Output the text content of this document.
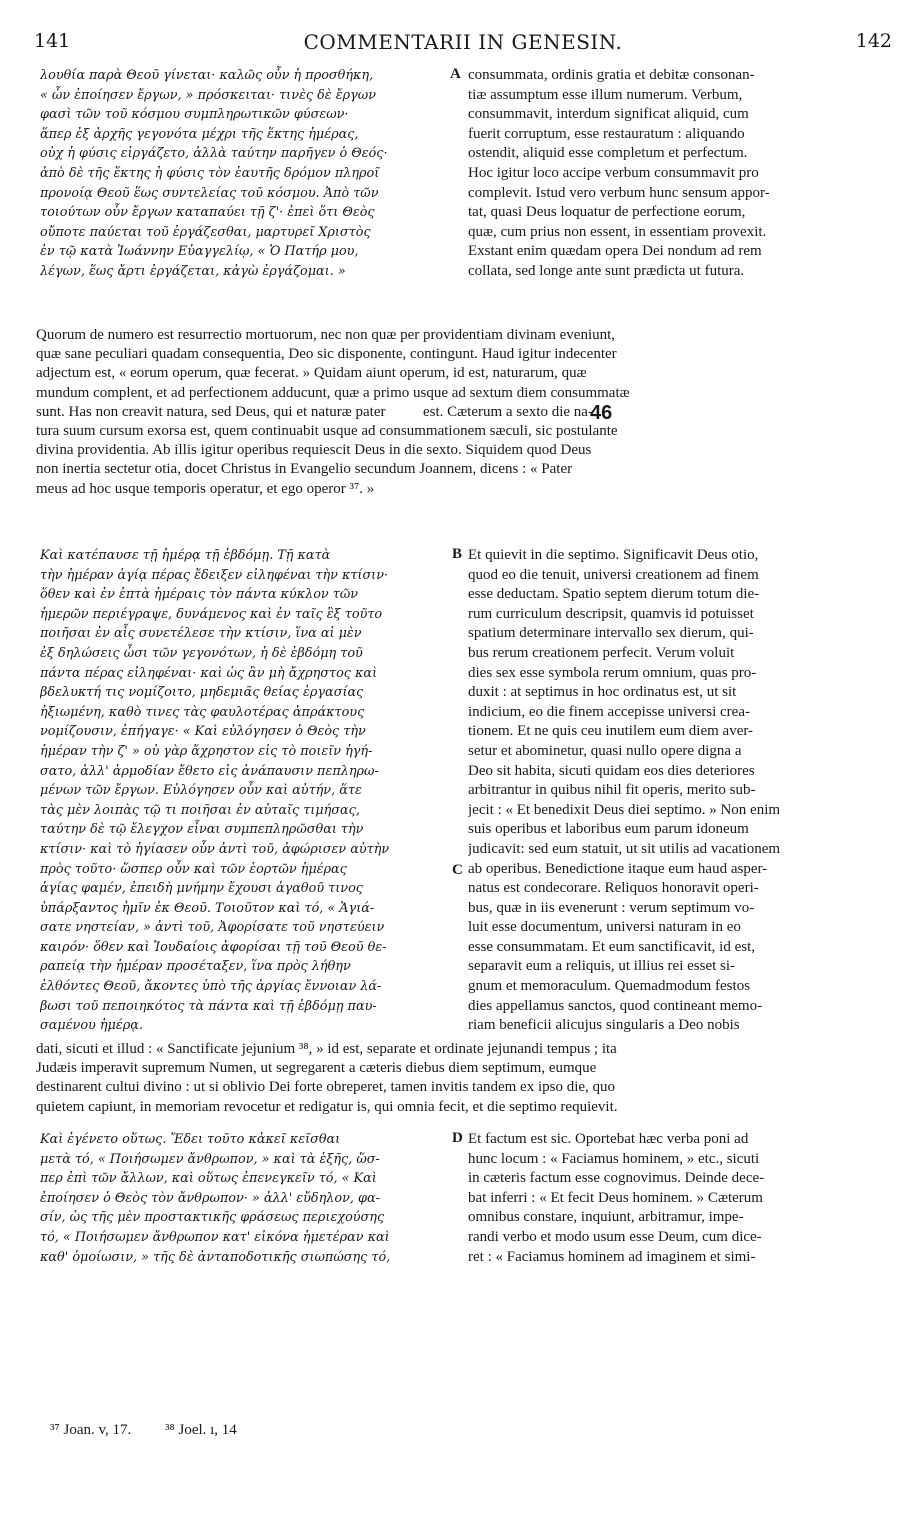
141	COMMENTARII IN GENESIN.	142
λουθία παρὰ Θεοῦ γίνεται· καλῶς οὖν ἡ προσθήκη,
« ὧν ἐποίησεν ἔργων, » πρόσκειται· τινὲς δὲ ἔργων
φασὶ τῶν τοῦ κόσμου συμπληρωτικῶν φύσεων·
ἅπερ ἐξ ἀρχῆς γεγονότα μέχρι τῆς ἕκτης ἡμέρας,
οὐχ ἡ φύσις εἰργάζετο, ἀλλὰ ταύτην παρῆγεν ὁ Θεός·
ἀπὸ δὲ τῆς ἕκτης ἡ φύσις τὸν ἑαυτῆς δρόμον πληροῖ
προνοίᾳ Θεοῦ ἕως συντελείας τοῦ κόσμου. Ἀπὸ τῶν
τοιούτων οὖν ἔργων καταπαύει τῇ ζ'· ἐπεὶ ὅτι Θεὸς
οὔποτε παύεται τοῦ ἐργάζεσθαι, μαρτυρεῖ Χριστὸς
ἐν τῷ κατὰ Ἰωάννην Εὐαγγελίῳ, « Ὁ Πατήρ μου,
λέγων, ἕως ἄρτι ἐργάζεται, κἀγὼ ἐργάζομαι. »
A consummata, ordinis gratia et debitæ consonan-
tiæ assumptum esse illum numerum. Verbum,
consummavit, interdum significat aliquid, cum
fuerit corruptum, esse restauratum : aliquando
ostendit, aliquid esse completum et perfectum.
Hoc igitur loco accipe verbum consummavit pro
complevit. Istud vero verbum hunc sensum appor-
tat, quasi Deus loquatur de perfectione eorum,
quæ, cum prius non essent, in essentiam provexit.
Exstant enim quædam opera Dei nondum ad rem
collata, sed longe ante sunt prædicta ut futura.
Quorum de numero est resurrectio mortuorum, nec non quæ per providentiam divinam eveniunt,
quæ sane peculiari quadam consequentia, Deo sic disponente, contingunt. Haud igitur indecenter
adjectum est, « eorum operum, quæ fecerat. » Quidam aiunt operum, id est, naturarum, quæ
mundum complent, et ad perfectionem adducunt, quæ a primo usque ad sextum diem consummatæ
sunt. Has non creavit natura, sed Deus, qui et naturæ pater          est. Cæterum a sexto die na-
tura suum cursum exorsa est, quem continuabit usque ad consummationem sæculi, sic postulante
divina providentia. Ab illis igitur operibus requiescit Deus in die sexto. Siquidem quod Deus
non inertia sectetur otia, docet Christus in Evangelio secundum Joannem, dicens : « Pater
meus ad hoc usque temporis operatur, et ego operor ³⁷. »
46
Καὶ κατέπαυσε τῇ ἡμέρᾳ τῇ ἑβδόμῃ. Τῇ κατὰ
τὴν ἡμέραν ἁγίᾳ πέρας ἔδειξεν εἰληφέναι τὴν κτίσιν·
ὅθεν καὶ ἐν ἑπτὰ ἡμέραις τὸν πάντα κύκλον τῶν
ἡμερῶν περιέγραψε, δυνάμενος καὶ ἐν ταῖς ἓξ τοῦτο
ποιῆσαι ἐν αἷς συνετέλεσε τὴν κτίσιν, ἵνα αἱ μὲν
ἐξ δηλώσεις ὦσι τῶν γεγονότων, ἡ δὲ ἑβδόμη τοῦ
πάντα πέρας εἰληφέναι· καὶ ὡς ἂν μὴ ἄχρηστος καὶ
βδελυκτή τις νομίζοιτο, μηδεμιᾶς θείας ἐργασίας
ἠξιωμένη, καθὸ τινες τὰς φαυλοτέρας ἀπράκτους
νομίζουσιν, ἐπήγαγε· « Καὶ εὐλόγησεν ὁ Θεὸς τὴν
ἡμέραν τὴν ζ' » οὐ γὰρ ἄχρηστον εἰς τὸ ποιεῖν ἡγή-
σατο, ἀλλ' ἁρμοδίαν ἔθετο εἰς ἀνάπαυσιν πεπληρω-
μένων τῶν ἔργων. Εὐλόγησεν οὖν καὶ αὐτήν, ἅτε
τὰς μὲν λοιπὰς τῷ τι ποιῆσαι ἐν αὐταῖς τιμήσας,
ταύτην δὲ τῷ ἔλεγχον εἶναι συμπεπληρῶσθαι τὴν
κτίσιν· καὶ τὸ ἡγίασεν οὖν ἀντὶ τοῦ, ἀφώρισεν αὐτὴν
πρὸς τοῦτο· ὥσπερ οὖν καὶ τῶν ἑορτῶν ἡμέρας
ἁγίας φαμέν, ἐπειδὴ μνήμην ἔχουσι ἀγαθοῦ τινος
ὑπάρξαντος ἡμῖν ἐκ Θεοῦ. Τοιοῦτον καὶ τό, « Ἁγιά-
σατε νηστείαν, » ἀντὶ τοῦ, Ἀφορίσατε τοῦ νηστεύειν
καιρόν· ὅθεν καὶ Ἰουδαίοις ἀφορίσαι τῇ τοῦ Θεοῦ θε-
ραπείᾳ τὴν ἡμέραν προσέταξεν, ἵνα πρὸς λήθην
ἐλθόντες Θεοῦ, ἄκοντες ὑπὸ τῆς ἀργίας ἔννοιαν λά-
βωσι τοῦ πεποιηκότος τὰ πάντα καὶ τῇ ἑβδόμῃ παυ-
σαμένου ἡμέρᾳ.
B
C
Et quievit in die septimo. Significavit Deus otio,
quod eo die tenuit, universi creationem ad finem
esse deductam. Spatio septem dierum totum die-
rum curriculum descripsit, quamvis id potuisset
spatium determinare intervallo sex dierum, qui-
bus rerum creationem perfecit. Verum voluit
dies sex esse symbola rerum omnium, quas pro-
duxit : at septimus in hoc ordinatus est, ut sit
indicium, eo die finem accepisse universi crea-
tionem. Et ne quis ceu inutilem eum diem aver-
setur et abominetur, quasi nullo opere digna a
Deo sit habita, sicuti quidam eos dies deteriores
arbitrantur in quibus nihil fit operis, merito sub-
jecit : « Et benedixit Deus diei septimo. » Non enim
suis operibus et laboribus eum parum idoneum
judicavit: sed eum statuit, ut sit utilis ad vacationem
ab operibus. Benedictione itaque eum haud asper-
natus est condecorare. Reliquos honoravit operi-
bus, quæ in iis evenerunt : verum septimum vo-
luit esse documentum, universi naturam in eo
esse consummatam. Et eum sanctificavit, id est,
separavit eum a reliquis, ut illius rei esset si-
gnum et memoraculum. Quemadmodum festos
dies appellamus sanctos, quod contineant memo-
riam beneficii alicujus singularis a Deo nobis
dati, sicuti et illud : « Sanctificate jejunium ³⁸, » id est, separate et ordinate jejunandi tempus ; ita
Judæis imperavit supremum Numen, ut segregarent a cæteris diebus diem septimum, eumque
destinarent cultui divino : ut si oblivio Dei forte obreperet, tamen invitis tandem ex ipso die, quo
quietem capiunt, in memoriam revocetur et redigatur is, qui omnia fecit, et die septimo requievit.
Καὶ ἐγένετο οὕτως. Ἔδει τοῦτο κἀκεῖ κεῖσθαι
μετὰ τό, « Ποιήσωμεν ἄνθρωπον, » καὶ τὰ ἑξῆς, ὥσ-
περ ἐπὶ τῶν ἄλλων, καὶ οὕτως ἐπενεγκεῖν τό, « Καὶ
ἐποίησεν ὁ Θεὸς τὸν ἄνθρωπον· » ἀλλ' εὔδηλον, φα-
σίν, ὡς τῆς μὲν προστακτικῆς φράσεως περιεχούσης
τό, « Ποιήσωμεν ἄνθρωπον κατ' εἰκόνα ἡμετέραν καὶ
καθ' ὁμοίωσιν, » τῆς δὲ ἀνταποδοτικῆς σιωπώσης τό,
D Et factum est sic. Oportebat hæc verba poni ad
hunc locum : « Faciamus hominem, » etc., sicuti
in cæteris factum esse cognovimus. Deinde dece-
bat inferri : « Et fecit Deus hominem. » Cæterum
omnibus constare, inquiunt, arbitramur, impe-
randi verbo et modo usum esse Deum, cum dice-
ret : « Faciamus hominem ad imaginem et simi-
³⁷ Joan. v, 17. ³⁸ Joel. ı, 14
